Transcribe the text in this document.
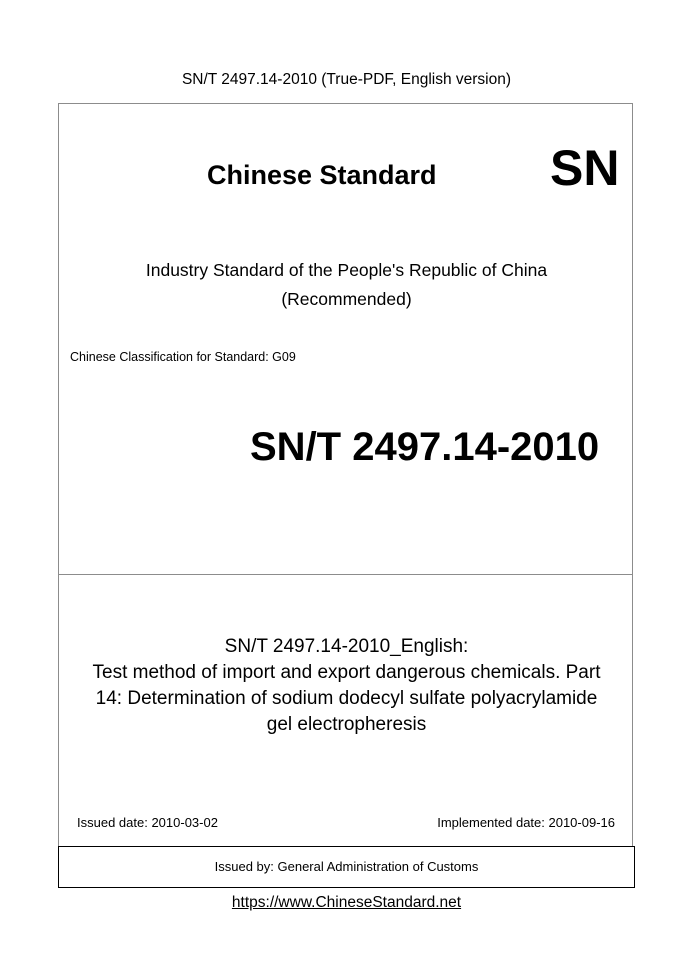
SN/T 2497.14-2010 (True-PDF, English version)
Chinese Standard SN
Industry Standard of the People's Republic of China
(Recommended)
Chinese Classification for Standard: G09
SN/T 2497.14-2010
SN/T 2497.14-2010_English:
Test method of import and export dangerous chemicals. Part
14: Determination of sodium dodecyl sulfate polyacrylamide
gel electropheresis
Issued date: 2010-03-02	Implemented date: 2010-09-16
Issued by: General Administration of Customs
https://www.ChineseStandard.net
